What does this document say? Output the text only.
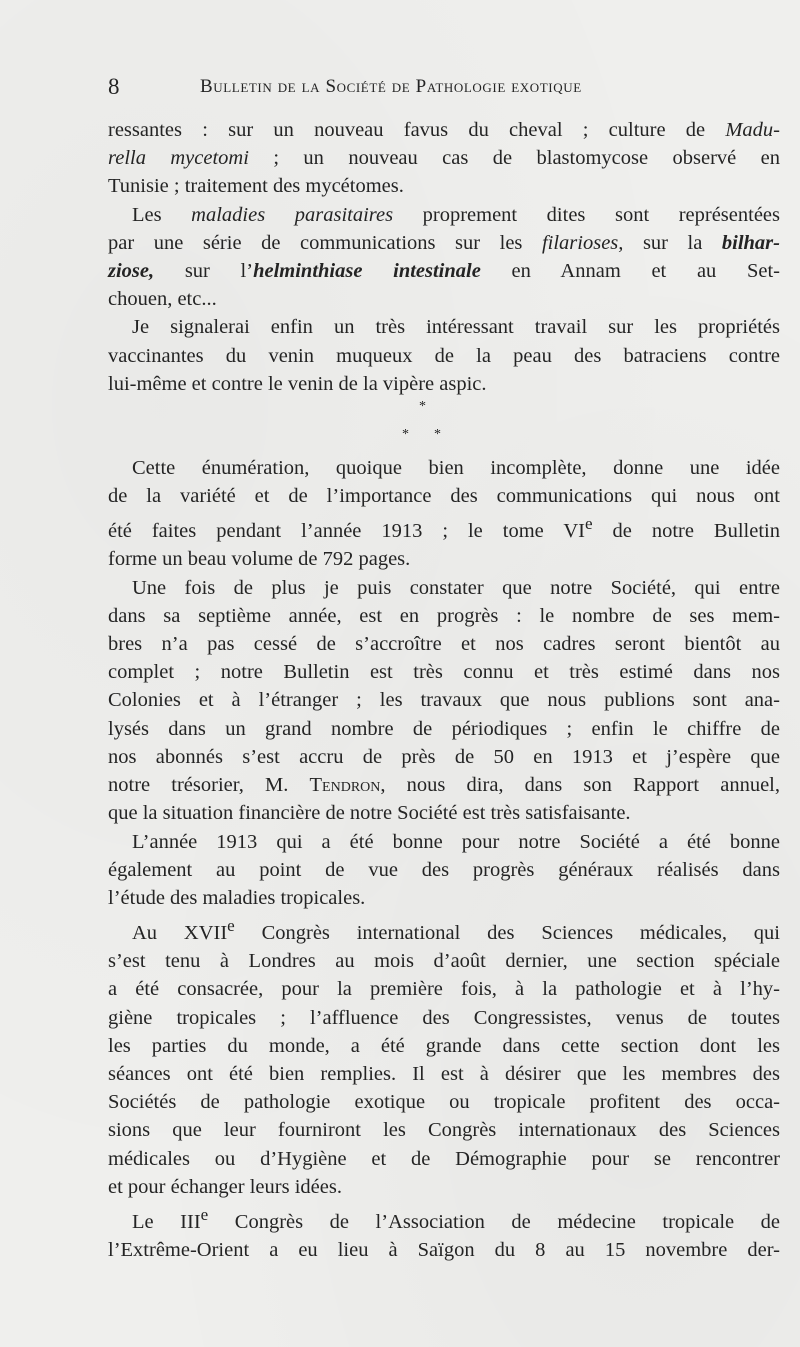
8	Bulletin de la Société de Pathologie exotique

ressantes : sur un nouveau favus du cheval ; culture de Madu-

rella mycetomi ; un nouveau cas de blastomycose observé en

Tunisie ; traitement des mycétomes.

Les maladies parasitaires proprement dites sont représentées

par une série de communications sur les filarioses, sur la bilhar-

ziose, sur l’helminthiase intestinale en Annam et au Set-

chouen, etc...

Je signalerai enfin un très intéressant travail sur les propriétés

vaccinantes du venin muqueux de la peau des batraciens contre

lui-même et contre le venin de la vipère aspic.

*
* *

Cette énumération, quoique bien incomplète, donne une idée

de la variété et de l’importance des communications qui nous ont

été faites pendant l’année 1913 ; le tome VIe de notre Bulletin

forme un beau volume de 792 pages.

Une fois de plus je puis constater que notre Société, qui entre

dans sa septième année, est en progrès : le nombre de ses mem-

bres n’a pas cessé de s’accroître et nos cadres seront bientôt au

complet ; notre Bulletin est très connu et très estimé dans nos

Colonies et à l’étranger ; les travaux que nous publions sont ana-

lysés dans un grand nombre de périodiques ; enfin le chiffre de

nos abonnés s’est accru de près de 50 en 1913 et j’espère que

notre trésorier, M. Tendron, nous dira, dans son Rapport annuel,

que la situation financière de notre Société est très satisfaisante.

L’année 1913 qui a été bonne pour notre Société a été bonne

également au point de vue des progrès généraux réalisés dans

l’étude des maladies tropicales.

Au XVIIe Congrès international des Sciences médicales, qui

s’est tenu à Londres au mois d’août dernier, une section spéciale

a été consacrée, pour la première fois, à la pathologie et à l’hy-

giène tropicales ; l’affluence des Congressistes, venus de toutes

les parties du monde, a été grande dans cette section dont les

séances ont été bien remplies. Il est à désirer que les membres des

Sociétés de pathologie exotique ou tropicale profitent des occa-

sions que leur fourniront les Congrès internationaux des Sciences

médicales ou d’Hygiène et de Démographie pour se rencontrer

et pour échanger leurs idées.

Le IIIe Congrès de l’Association de médecine tropicale de

l’Extrême-Orient a eu lieu à Saïgon du 8 au 15 novembre der-
